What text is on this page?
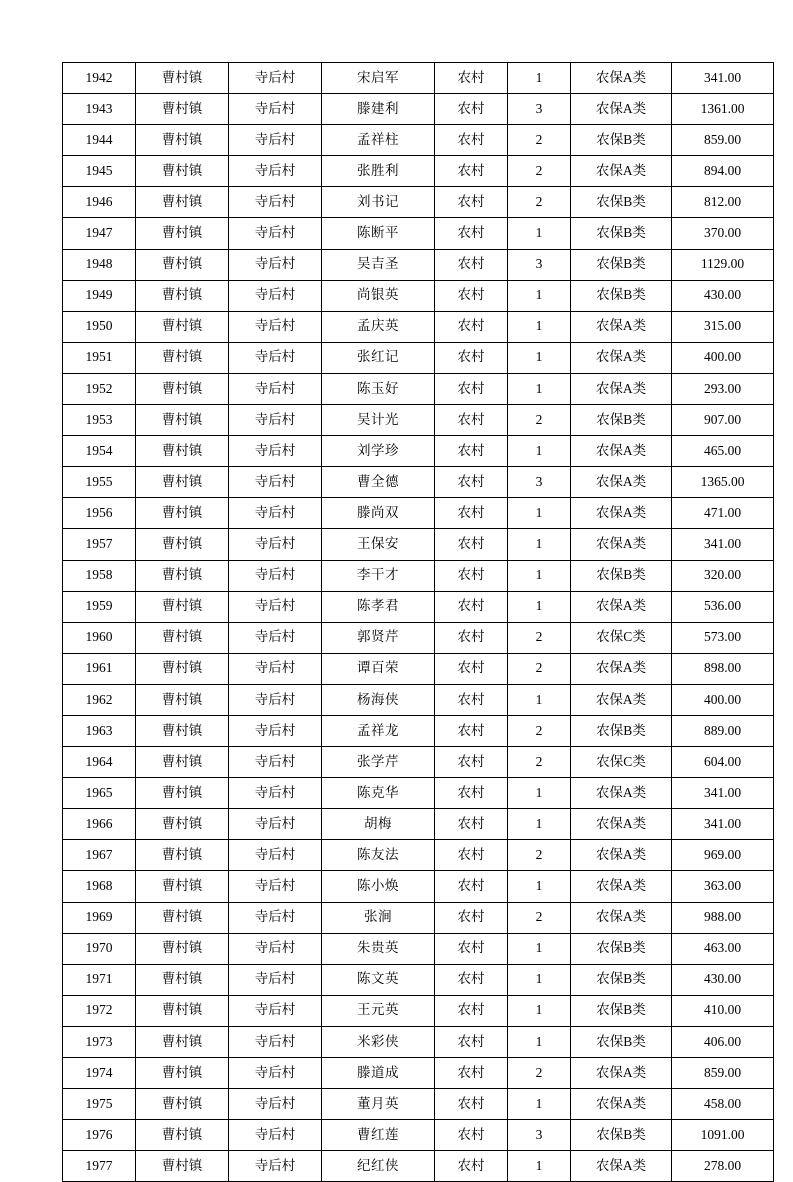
1942	曹村镇	寺后村	宋启军	农村	1	农保A类	341.00
1943	曹村镇	寺后村	滕建利	农村	3	农保A类	1361.00
1944	曹村镇	寺后村	孟祥柱	农村	2	农保B类	859.00
1945	曹村镇	寺后村	张胜利	农村	2	农保A类	894.00
1946	曹村镇	寺后村	刘书记	农村	2	农保B类	812.00
1947	曹村镇	寺后村	陈断平	农村	1	农保B类	370.00
1948	曹村镇	寺后村	吴吉圣	农村	3	农保B类	1129.00
1949	曹村镇	寺后村	尚银英	农村	1	农保B类	430.00
1950	曹村镇	寺后村	孟庆英	农村	1	农保A类	315.00
1951	曹村镇	寺后村	张红记	农村	1	农保A类	400.00
1952	曹村镇	寺后村	陈玉好	农村	1	农保A类	293.00
1953	曹村镇	寺后村	吴计光	农村	2	农保B类	907.00
1954	曹村镇	寺后村	刘学珍	农村	1	农保A类	465.00
1955	曹村镇	寺后村	曹全德	农村	3	农保A类	1365.00
1956	曹村镇	寺后村	滕尚双	农村	1	农保A类	471.00
1957	曹村镇	寺后村	王保安	农村	1	农保A类	341.00
1958	曹村镇	寺后村	李干才	农村	1	农保B类	320.00
1959	曹村镇	寺后村	陈孝君	农村	1	农保A类	536.00
1960	曹村镇	寺后村	郭贤芹	农村	2	农保C类	573.00
1961	曹村镇	寺后村	谭百荣	农村	2	农保A类	898.00
1962	曹村镇	寺后村	杨海侠	农村	1	农保A类	400.00
1963	曹村镇	寺后村	孟祥龙	农村	2	农保B类	889.00
1964	曹村镇	寺后村	张学芹	农村	2	农保C类	604.00
1965	曹村镇	寺后村	陈克华	农村	1	农保A类	341.00
1966	曹村镇	寺后村	胡梅	农村	1	农保A类	341.00
1967	曹村镇	寺后村	陈友法	农村	2	农保A类	969.00
1968	曹村镇	寺后村	陈小焕	农村	1	农保A类	363.00
1969	曹村镇	寺后村	张涧	农村	2	农保A类	988.00
1970	曹村镇	寺后村	朱贵英	农村	1	农保B类	463.00
1971	曹村镇	寺后村	陈文英	农村	1	农保B类	430.00
1972	曹村镇	寺后村	王元英	农村	1	农保B类	410.00
1973	曹村镇	寺后村	米彩侠	农村	1	农保B类	406.00
1974	曹村镇	寺后村	滕道成	农村	2	农保A类	859.00
1975	曹村镇	寺后村	董月英	农村	1	农保A类	458.00
1976	曹村镇	寺后村	曹红莲	农村	3	农保B类	1091.00
1977	曹村镇	寺后村	纪红侠	农村	1	农保A类	278.00
